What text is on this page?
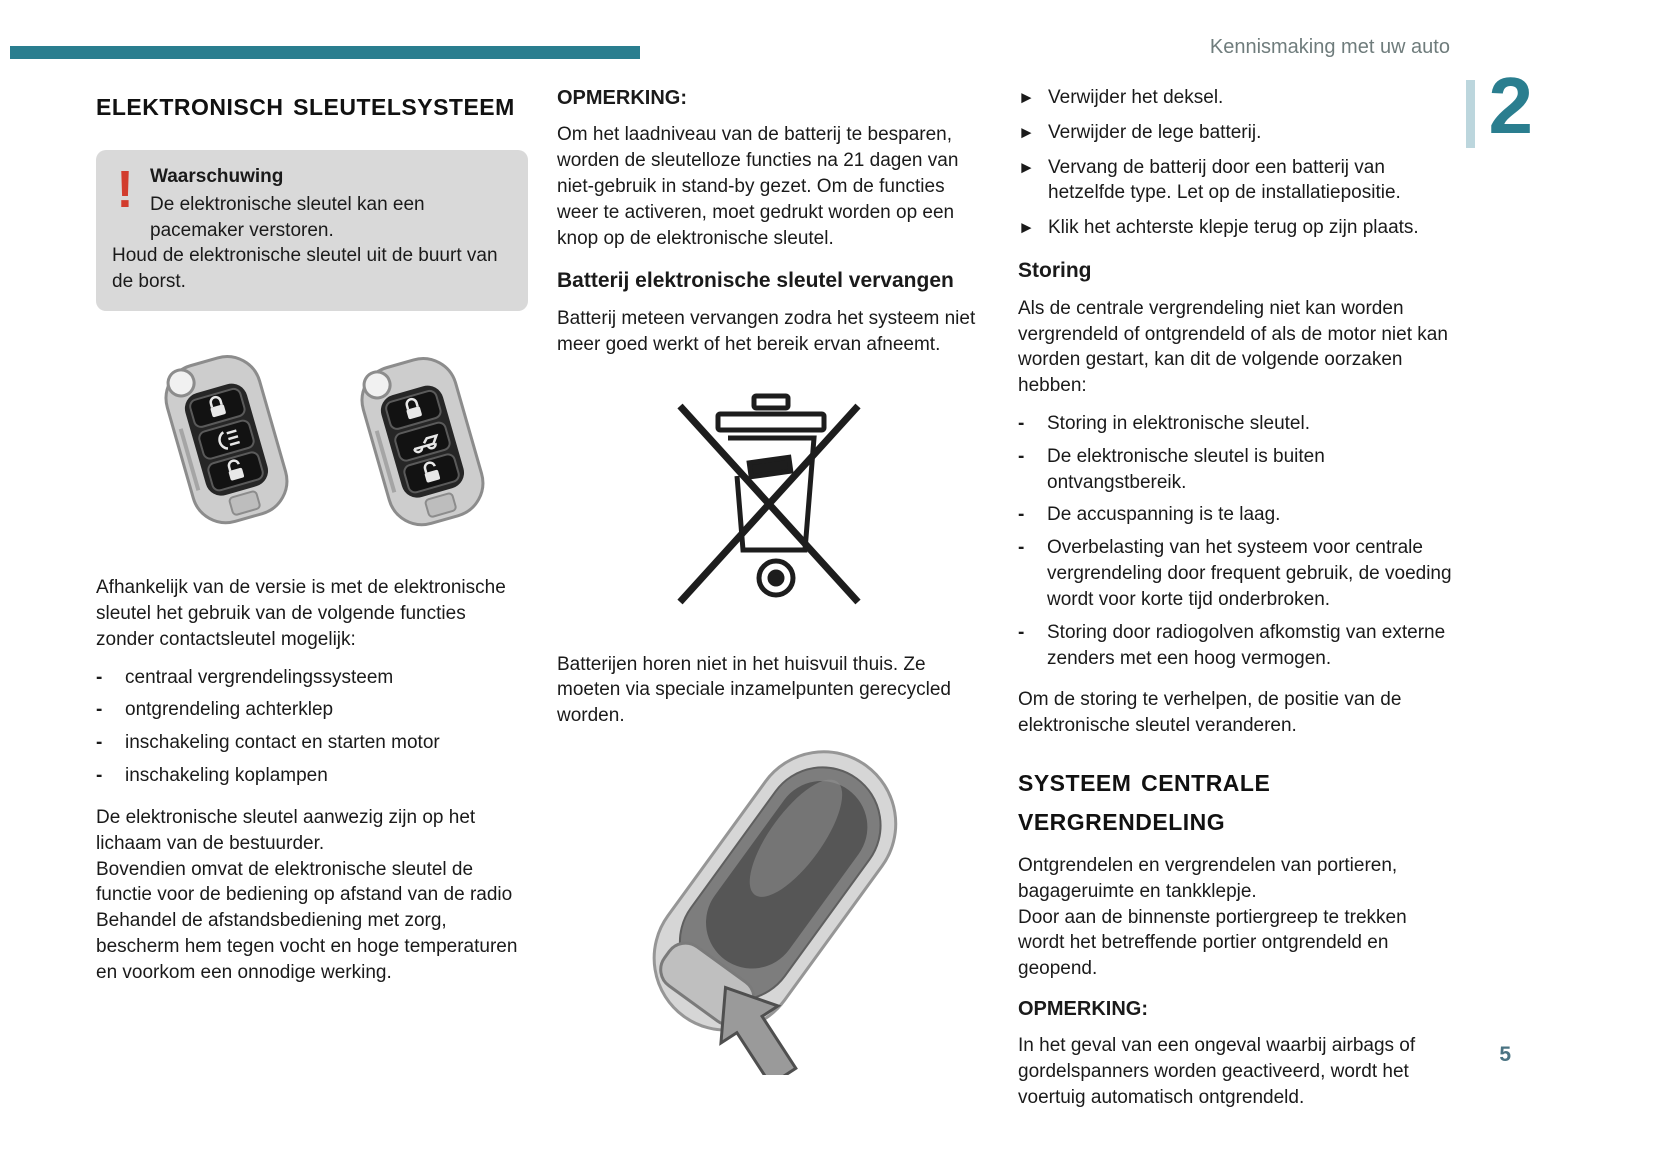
Kennismaking met uw auto
2
elektronisch sleutelsysteem
! Waarschuwing
De elektronische sleutel kan een pacemaker verstoren.
Houd de elektronische sleutel uit de buurt van de borst.

Afhankelijk van de versie is met de elektronische sleutel het gebruik van de volgende functies zonder contactsleutel mogelijk:

-	centraal vergrendelingssysteem
-	ontgrendeling achterklep
-	inschakeling contact en starten motor
-	inschakeling koplampen

De elektronische sleutel aanwezig zijn op het lichaam van de bestuurder.

Bovendien omvat de elektronische sleutel de functie voor de bediening op afstand van de radio

Behandel de afstandsbediening met zorg, bescherm hem tegen vocht en hoge temperaturen en voorkom een onnodige werking.

OPMERKING:

Om het laadniveau van de batterij te besparen, worden de sleutelloze functies na 21 dagen van niet-gebruik in stand-by gezet. Om de functies weer te activeren, moet gedrukt worden op een knop op de elektronische sleutel.

Batterij elektronische sleutel vervangen

Batterij meteen vervangen zodra het systeem niet meer goed werkt of het bereik ervan afneemt.

Batterijen horen niet in het huisvuil thuis. Ze moeten via speciale inzamelpunten gerecycled worden.

► Verwijder het deksel.
► Verwijder de lege batterij.
► Vervang de batterij door een batterij van hetzelfde type. Let op de installatiepositie.
► Klik het achterste klepje terug op zijn plaats.
Storing

Als de centrale vergrendeling niet kan worden vergrendeld of ontgrendeld of als de motor niet kan worden gestart, kan dit de volgende oorzaken hebben:

-	Storing in elektronische sleutel.
-	De elektronische sleutel is buiten ontvangstbereik.
-	De accuspanning is te laag.
-	Overbelasting van het systeem voor centrale vergrendeling door frequent gebruik, de voeding wordt voor korte tijd onderbroken.
-	Storing door radiogolven afkomstig van externe zenders met een hoog vermogen.

Om de storing te verhelpen, de positie van de elektronische sleutel veranderen.

systeem centrale vergrendeling

Ontgrendelen en vergrendelen van portieren, bagageruimte en tankklepje.

Door aan de binnenste portiergreep te trekken wordt het betreffende portier ontgrendeld en geopend.

OPMERKING:

In het geval van een ongeval waarbij airbags of gordelspanners worden geactiveerd, wordt het voertuig automatisch ontgrendeld.

5
